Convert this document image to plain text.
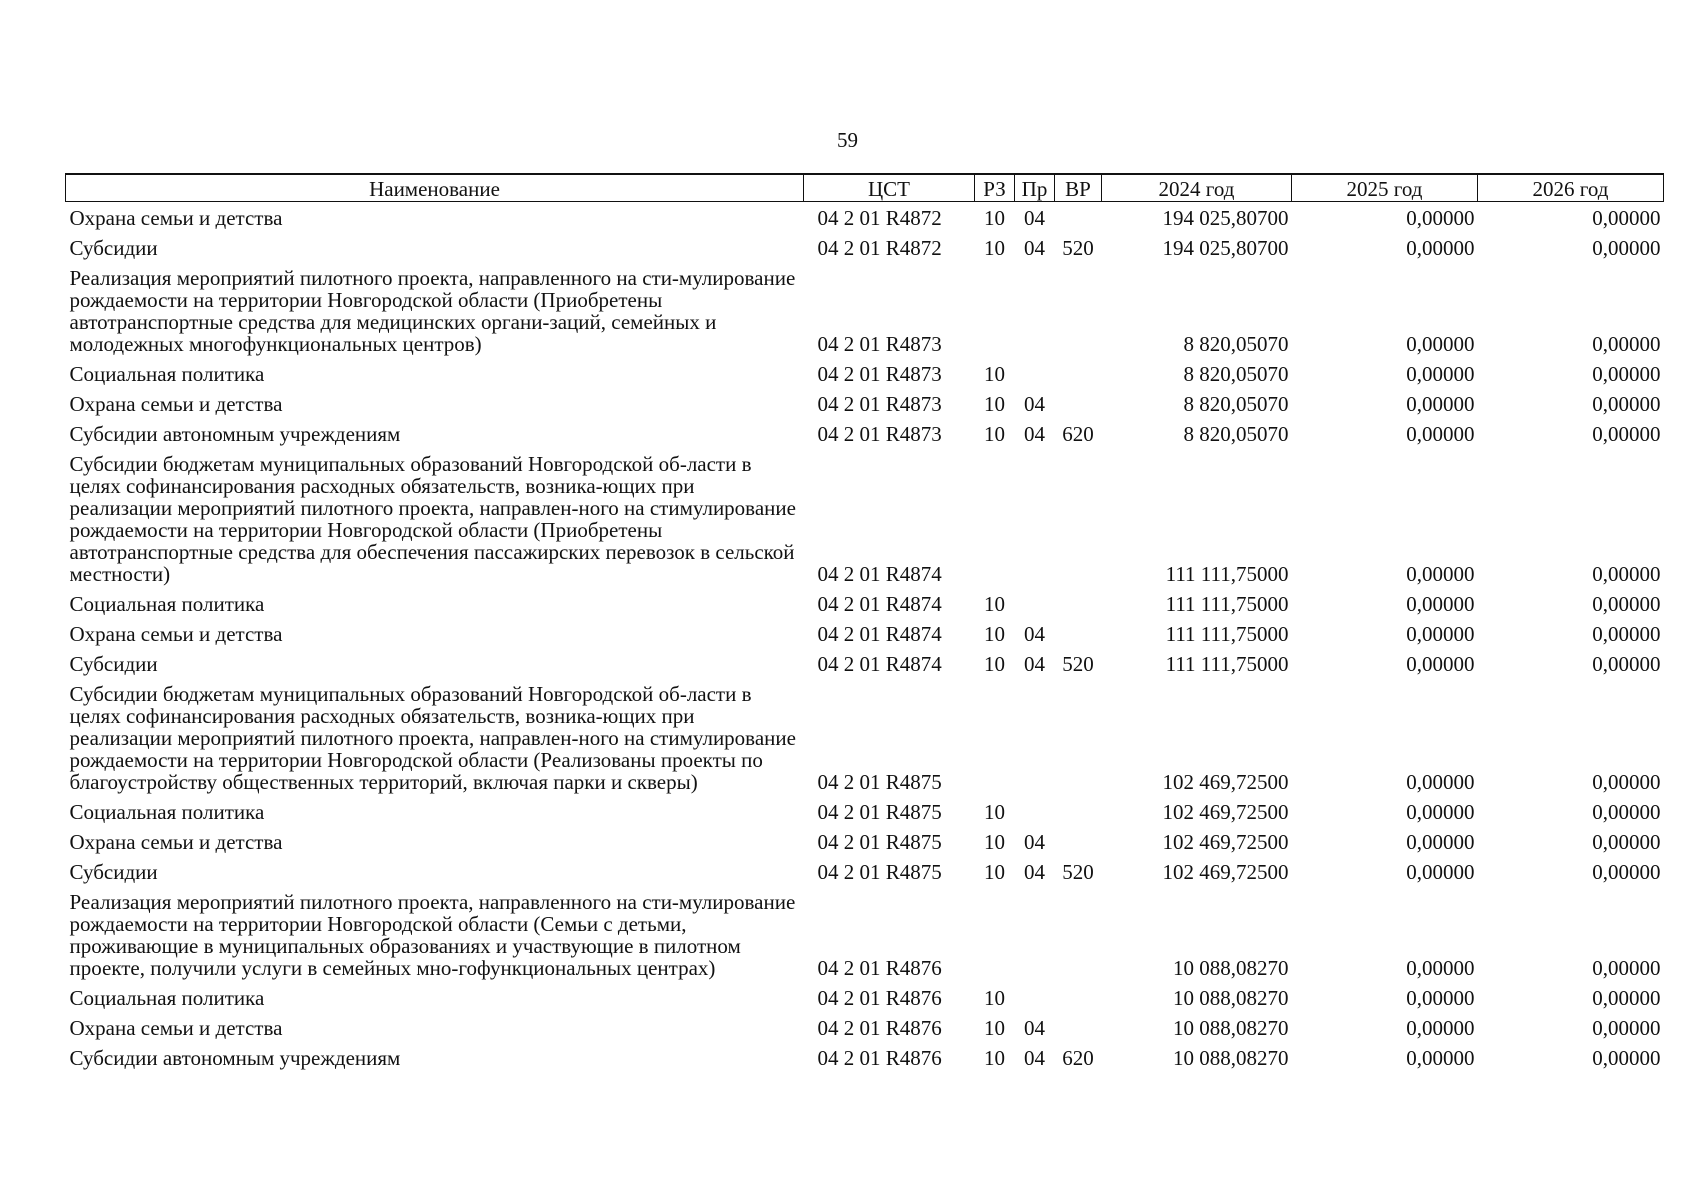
59
Наименование	ЦСТ	РЗ	Пр	ВР	2024 год	2025 год	2026 год
Охрана семьи и детства	04 2 01 R4872	10	04		194 025,80700	0,00000	0,00000
Субсидии	04 2 01 R4872	10	04	520	194 025,80700	0,00000	0,00000
Реализация мероприятий пилотного проекта, направленного на сти-мулирование рождаемости на территории Новгородской области (Приобретены автотранспортные средства для медицинских органи-заций, семейных и молодежных многофункциональных центров)	04 2 01 R4873				8 820,05070	0,00000	0,00000
Социальная политика	04 2 01 R4873	10			8 820,05070	0,00000	0,00000
Охрана семьи и детства	04 2 01 R4873	10	04		8 820,05070	0,00000	0,00000
Субсидии автономным учреждениям	04 2 01 R4873	10	04	620	8 820,05070	0,00000	0,00000
Субсидии бюджетам муниципальных образований Новгородской об-ласти в целях софинансирования расходных обязательств, возника-ющих при реализации мероприятий пилотного проекта, направлен-ного на стимулирование рождаемости на территории Новгородской области (Приобретены автотранспортные средства для обеспечения пассажирских перевозок в сельской местности)	04 2 01 R4874				111 111,75000	0,00000	0,00000
Социальная политика	04 2 01 R4874	10			111 111,75000	0,00000	0,00000
Охрана семьи и детства	04 2 01 R4874	10	04		111 111,75000	0,00000	0,00000
Субсидии	04 2 01 R4874	10	04	520	111 111,75000	0,00000	0,00000
Субсидии бюджетам муниципальных образований Новгородской об-ласти в целях софинансирования расходных обязательств, возника-ющих при реализации мероприятий пилотного проекта, направлен-ного на стимулирование рождаемости на территории Новгородской области (Реализованы проекты по благоустройству общественных территорий, включая парки и скверы)	04 2 01 R4875				102 469,72500	0,00000	0,00000
Социальная политика	04 2 01 R4875	10			102 469,72500	0,00000	0,00000
Охрана семьи и детства	04 2 01 R4875	10	04		102 469,72500	0,00000	0,00000
Субсидии	04 2 01 R4875	10	04	520	102 469,72500	0,00000	0,00000
Реализация мероприятий пилотного проекта, направленного на сти-мулирование рождаемости на территории Новгородской области (Семьи с детьми, проживающие в муниципальных образованиях и участвующие в пилотном проекте, получили услуги в семейных мно-гофункциональных центрах)	04 2 01 R4876				10 088,08270	0,00000	0,00000
Социальная политика	04 2 01 R4876	10			10 088,08270	0,00000	0,00000
Охрана семьи и детства	04 2 01 R4876	10	04		10 088,08270	0,00000	0,00000
Субсидии автономным учреждениям	04 2 01 R4876	10	04	620	10 088,08270	0,00000	0,00000
